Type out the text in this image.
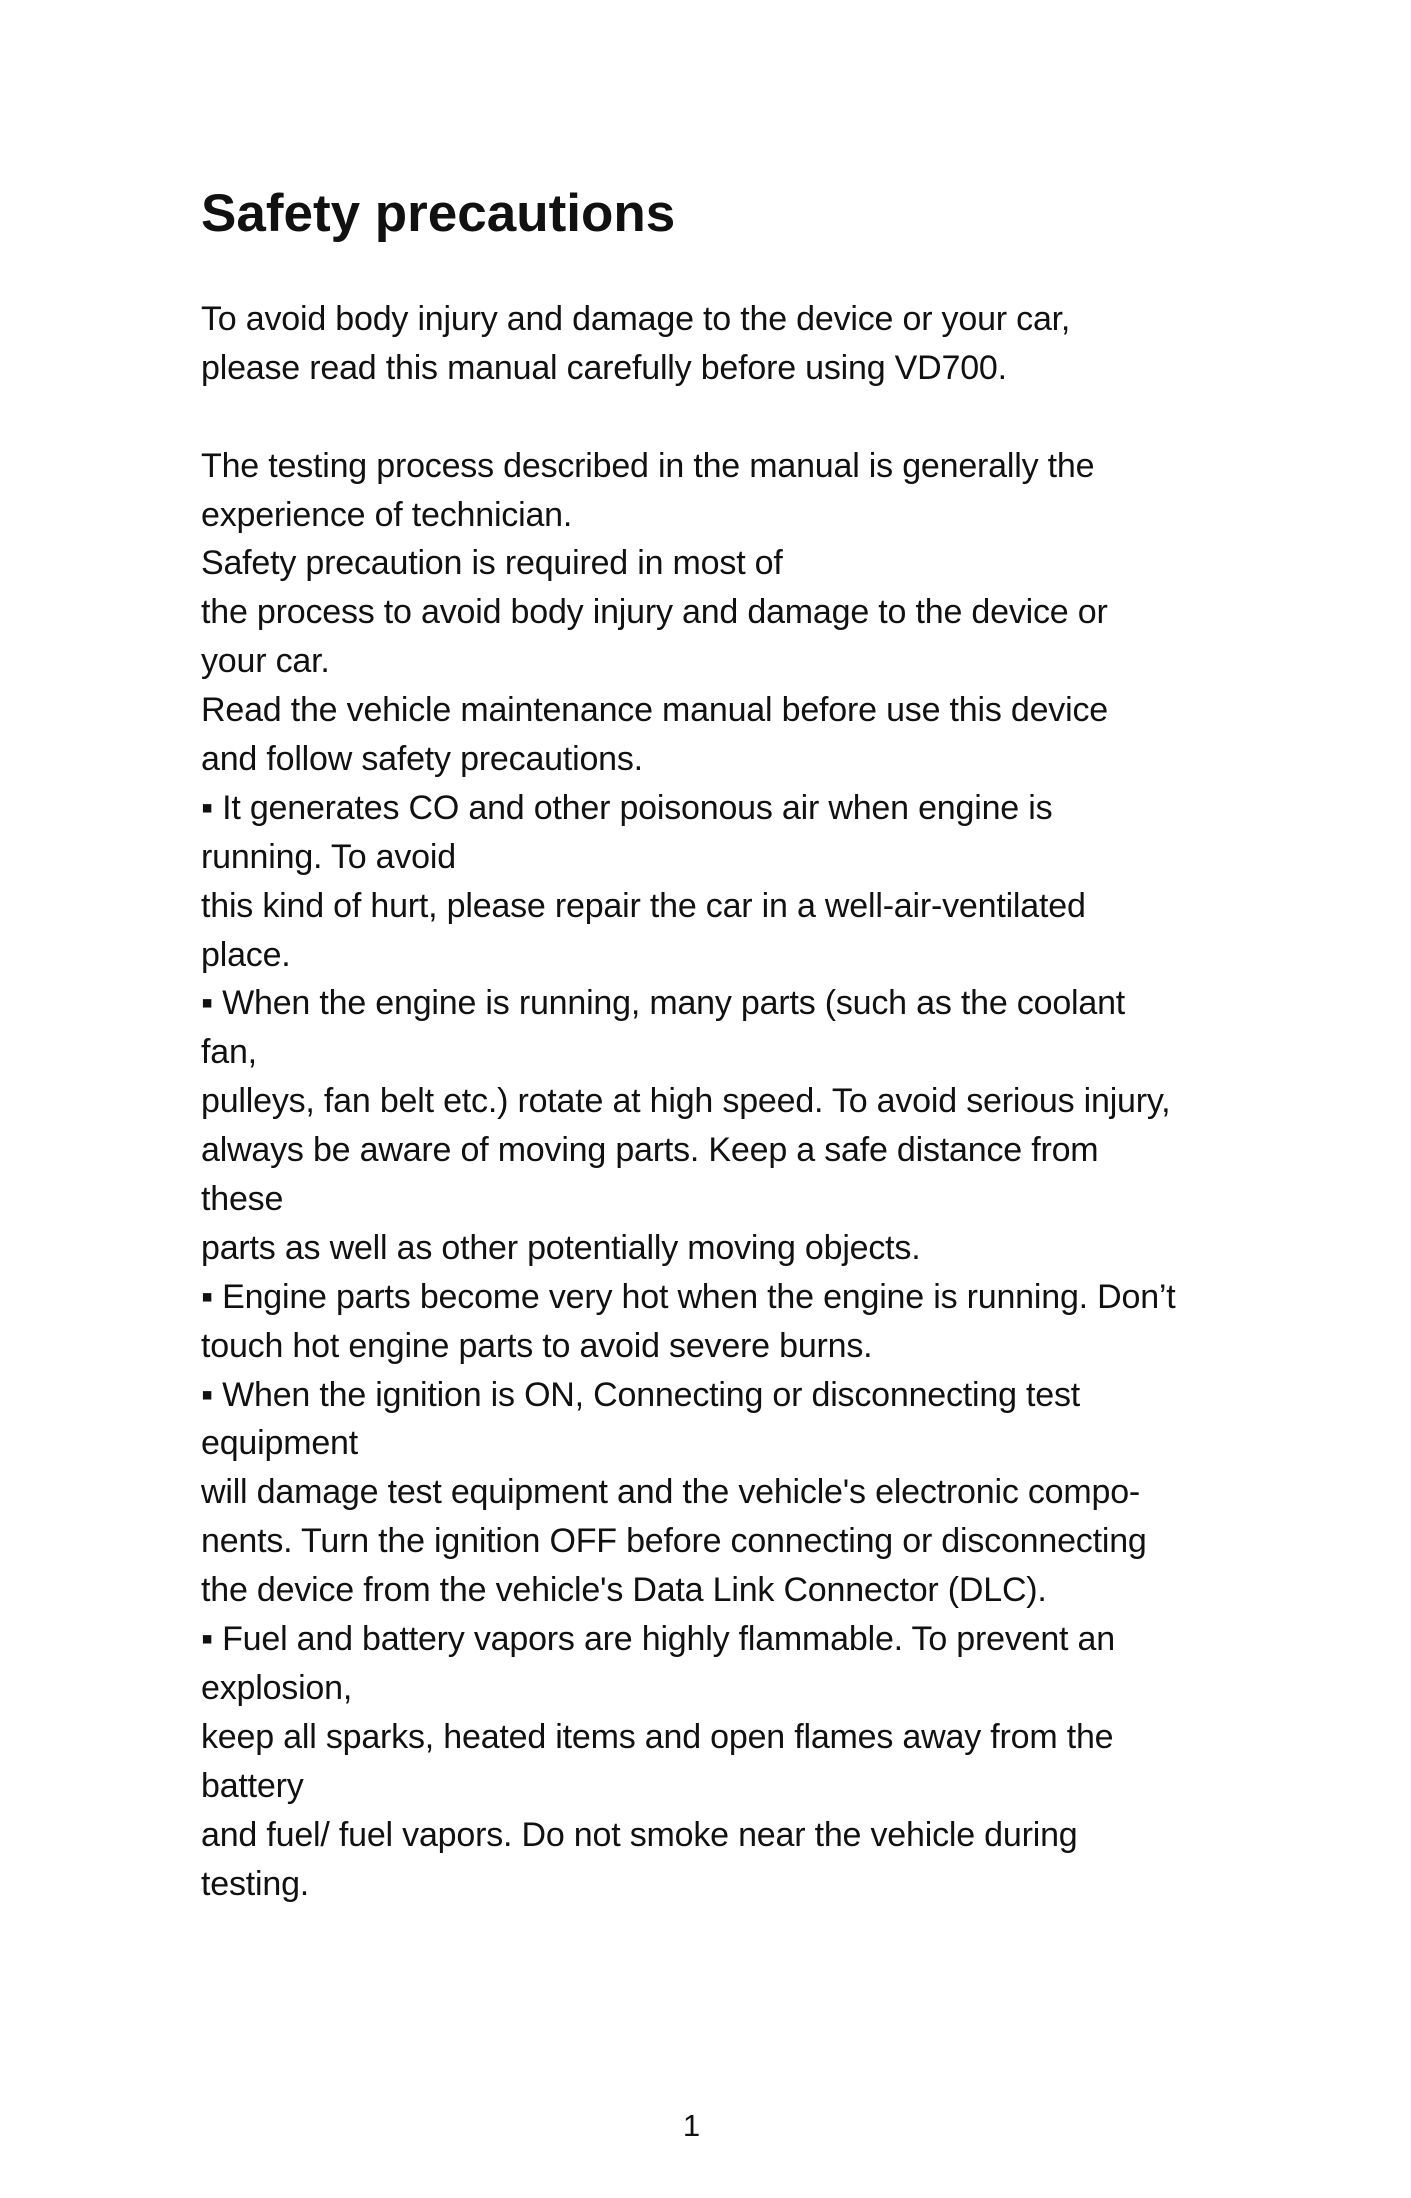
Safety precautions
To avoid body injury and damage to the device or your car,
please read this manual carefully before using VD700.
The testing process described in the manual is generally the
experience of technician.
Safety precaution is required in most of
the process to avoid body injury and damage to the device or
your car.
Read the vehicle maintenance manual before use this device
and follow safety precautions.
▪ It generates CO and other poisonous air when engine is
running. To avoid
this kind of hurt, please repair the car in a well-air-ventilated
place.
▪ When the engine is running, many parts (such as the coolant
fan,
pulleys, fan belt etc.) rotate at high speed. To avoid serious injury,
always be aware of moving parts. Keep a safe distance from
these
parts as well as other potentially moving objects.
▪ Engine parts become very hot when the engine is running. Don’t
touch hot engine parts to avoid severe burns.
▪ When the ignition is ON, Connecting or disconnecting test
equipment
will damage test equipment and the vehicle's electronic compo-
nents. Turn the ignition OFF before connecting or disconnecting
the device from the vehicle's Data Link Connector (DLC).
▪ Fuel and battery vapors are highly flammable. To prevent an
explosion,
keep all sparks, heated items and open flames away from the
battery
and fuel/ fuel vapors. Do not smoke near the vehicle during
testing.
1
